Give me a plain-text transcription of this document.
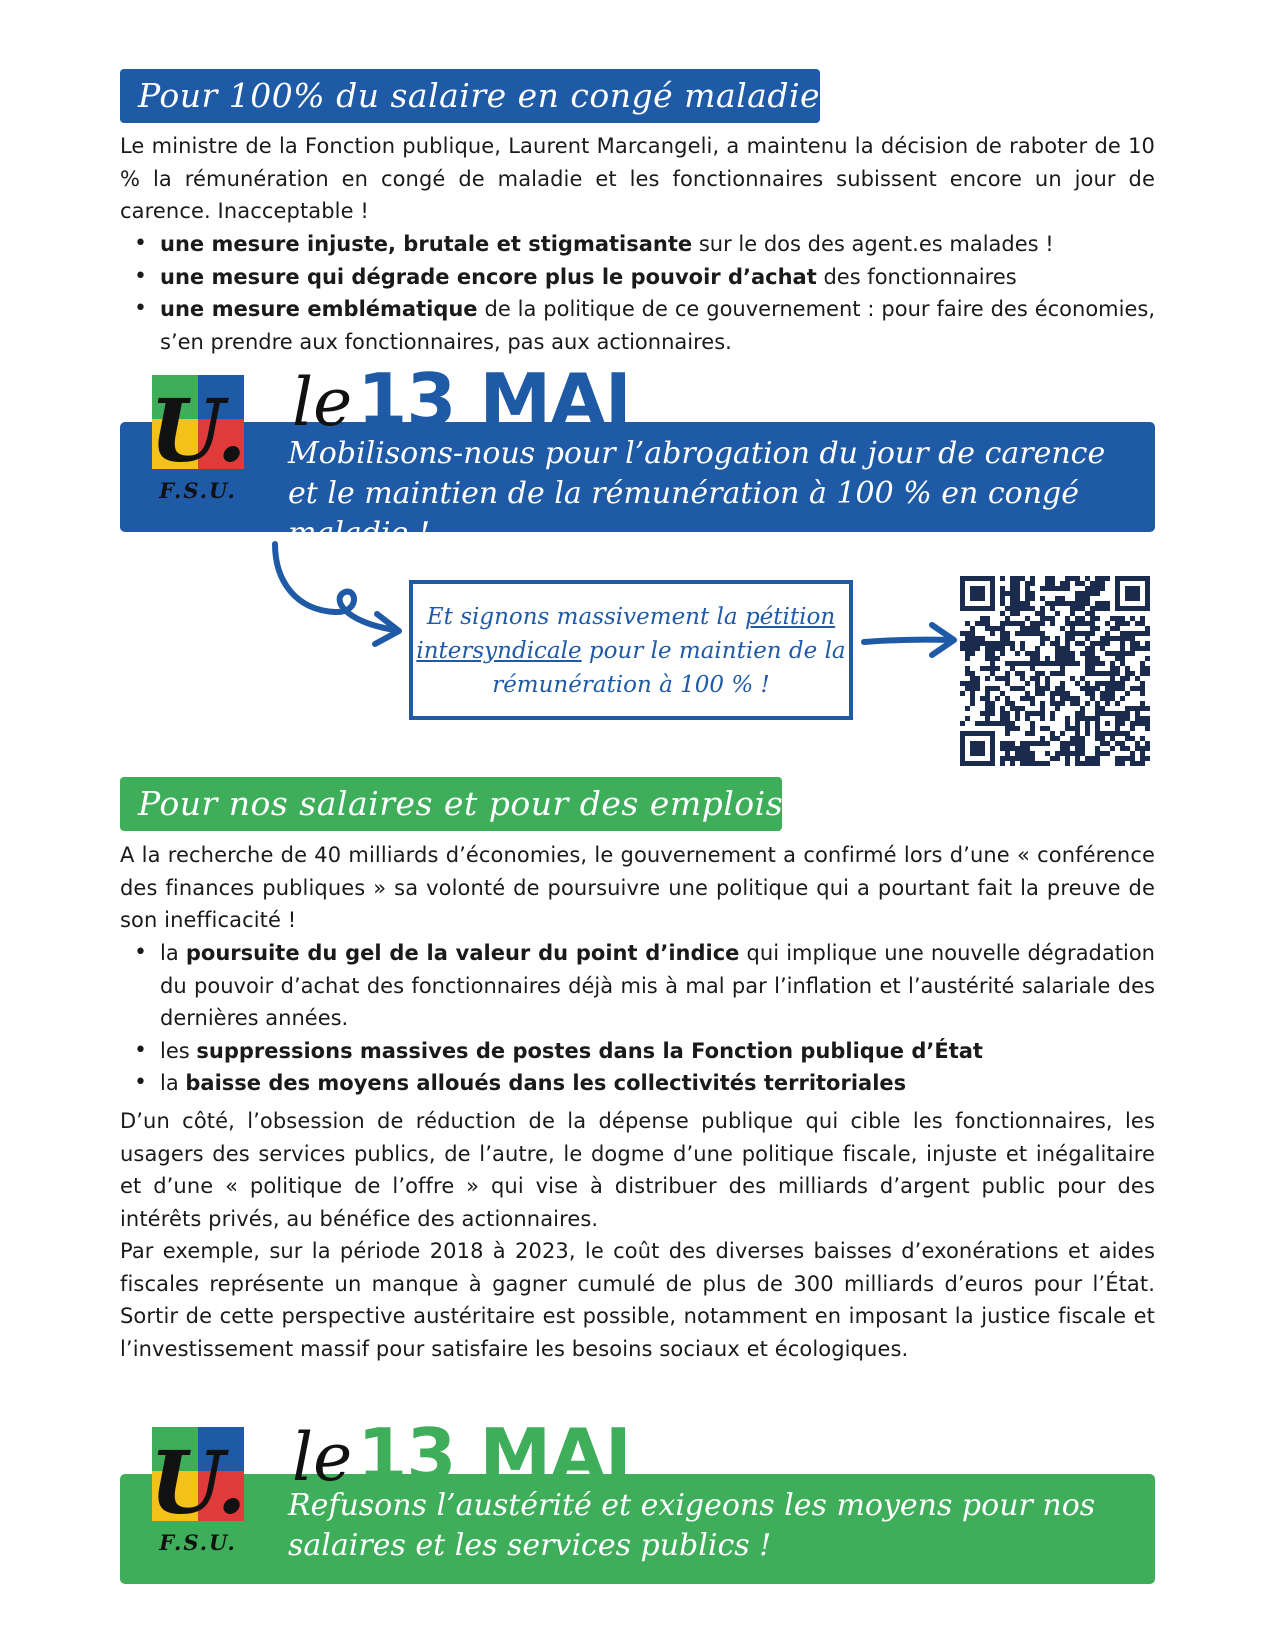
Pour 100% du salaire en congé maladie !

Le ministre de la Fonction publique, Laurent Marcangeli, a maintenu la décision de raboter de 10 % la rémunération en congé de maladie et les fonctionnaires subissent encore un jour de carence. Inacceptable !

• une mesure injuste, brutale et stigmatisante sur le dos des agent.es malades !
• une mesure qui dégrade encore plus le pouvoir d’achat des fonctionnaires
• une mesure emblématique de la politique de ce gouvernement : pour faire des économies, s’en prendre aux fonctionnaires, pas aux actionnaires.
Mobilisons-nous pour l’abrogation du jour de carence et le maintien de la rémunération à 100 % en congé maladie !
le 13 MAI
U.
F.S.U.
Et signons massivement la pétition
intersyndicale pour le maintien de la rémunération à 100 % !
Pour nos salaires et pour des emplois !

A la recherche de 40 milliards d’économies, le gouvernement a confirmé lors d’une « conférence des finances publiques » sa volonté de poursuivre une politique qui a pourtant fait la preuve de son inefficacité !

• la poursuite du gel de la valeur du point d’indice qui implique une nouvelle dégradation du pouvoir d’achat des fonctionnaires déjà mis à mal par l’inflation et l’austérité salariale des dernières années.
• les suppressions massives de postes dans la Fonction publique d’État
• la baisse des moyens alloués dans les collectivités territoriales

D’un côté, l’obsession de réduction de la dépense publique qui cible les fonctionnaires, les usagers des services publics, de l’autre, le dogme d’une politique fiscale, injuste et inégalitaire et d’une « politique de l’offre » qui vise à distribuer des milliards d’argent public pour des intérêts privés, au bénéfice des actionnaires.

Par exemple, sur la période 2018 à 2023, le coût des diverses baisses d’exonérations et aides fiscales représente un manque à gagner cumulé de plus de 300 milliards d’euros pour l’État. Sortir de cette perspective austéritaire est possible, notamment en imposant la justice fiscale et l’investissement massif pour satisfaire les besoins sociaux et écologiques.

Refusons l’austérité et exigeons les moyens pour nos salaires et les services publics !
le 13 MAI
U.
F.S.U.
